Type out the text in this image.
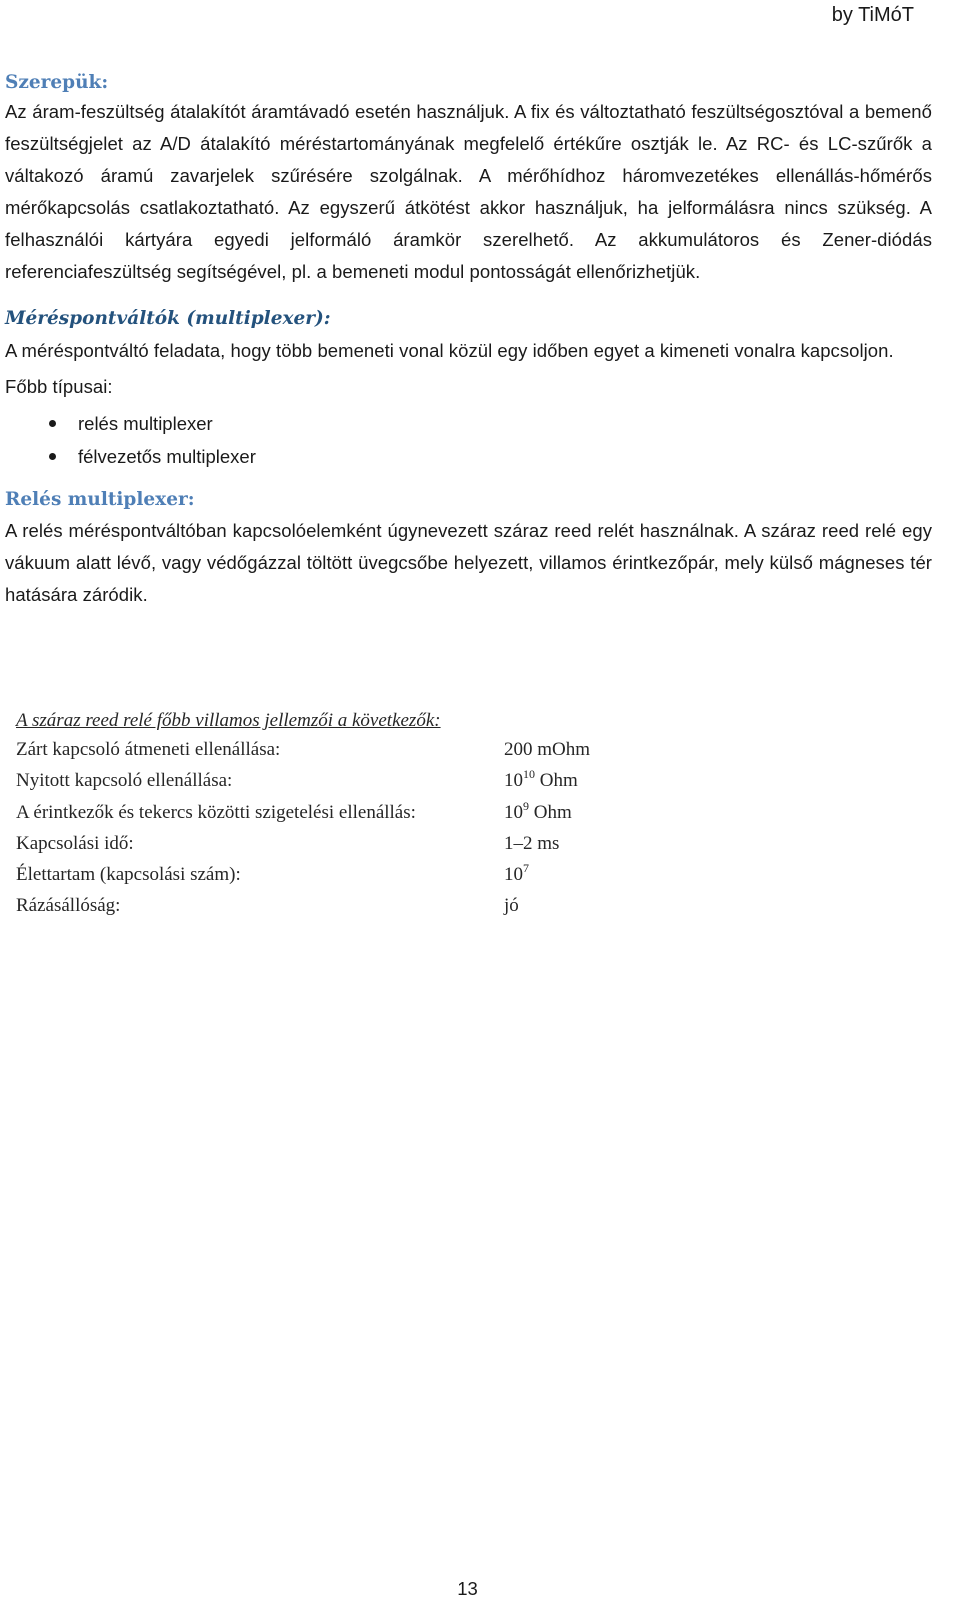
by TiMóT
Szerepük:

Az áram-feszültség átalakítót áramtávadó esetén használjuk. A fix és változtatható feszültségosztóval a bemenő feszültségjelet az A/D átalakító méréstartományának megfelelő értékűre osztják le. Az RC- és LC-szűrők a váltakozó áramú zavarjelek szűrésére szolgálnak. A mérőhídhoz háromvezetékes ellenállás-hőmérős mérőkapcsolás csatlakoztatható. Az egyszerű átkötést akkor használjuk, ha jelformálásra nincs szükség. A felhasználói kártyára egyedi jelformáló áramkör szerelhető. Az akkumulátoros és Zener-diódás referenciafeszültség segítségével, pl. a bemeneti modul pontosságát ellenőrizhetjük.

Méréspontváltók (multiplexer):

A méréspontváltó feladata, hogy több bemeneti vonal közül egy időben egyet a kimeneti vonalra kapcsoljon.

Főbb típusai:

relés multiplexer
félvezetős multiplexer
Relés multiplexer:

A relés méréspontváltóban kapcsolóelemként úgynevezett száraz reed relét használnak. A száraz reed relé egy vákuum alatt lévő, vagy védőgázzal töltött üvegcsőbe helyezett, villamos érintkezőpár, mely külső mágneses tér hatására záródik.

A száraz reed relé főbb villamos jellemzői a következők:

Zárt kapcsoló átmeneti ellenállása:	200 mOhm
Nyitott kapcsoló ellenállása:	$10^{10}$ Ohm
A érintkezők és tekercs közötti szigetelési ellenállás:	$10^9$ Ohm
Kapcsolási idő:	1–2 ms
Élettartam (kapcsolási szám):	$10^7$
Rázásállóság:	jó
13
